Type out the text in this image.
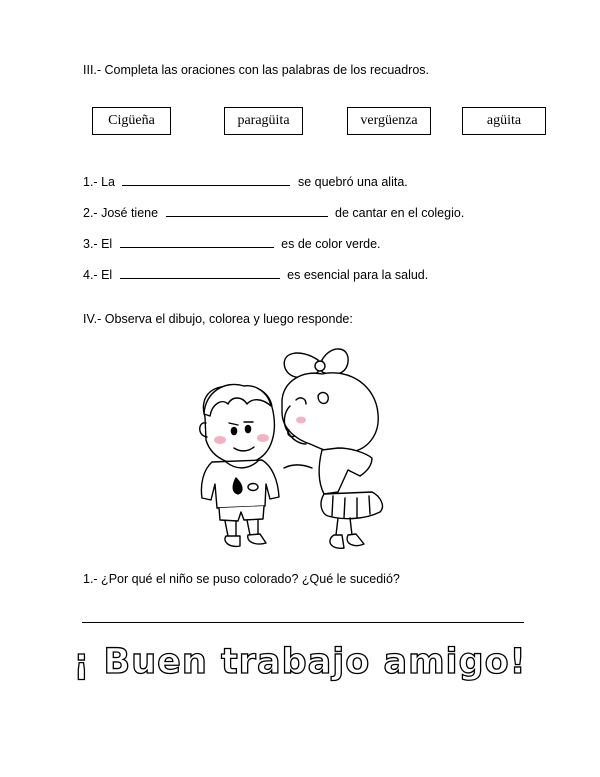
III.- Completa las oraciones con las palabras de los recuadros.
Cigüeña	paragüita	vergüenza	agüita
1.- La	se quebró una alita.
2.- José tiene	de cantar en el colegio.
3.- El	es de color verde.
4.- El	es esencial para la salud.
IV.- Observa el dibujo, colorea y luego responde:
1.- ¿Por qué el niño se puso colorado? ¿Qué le sucedió?
¡ Buen trabajo amigo!
